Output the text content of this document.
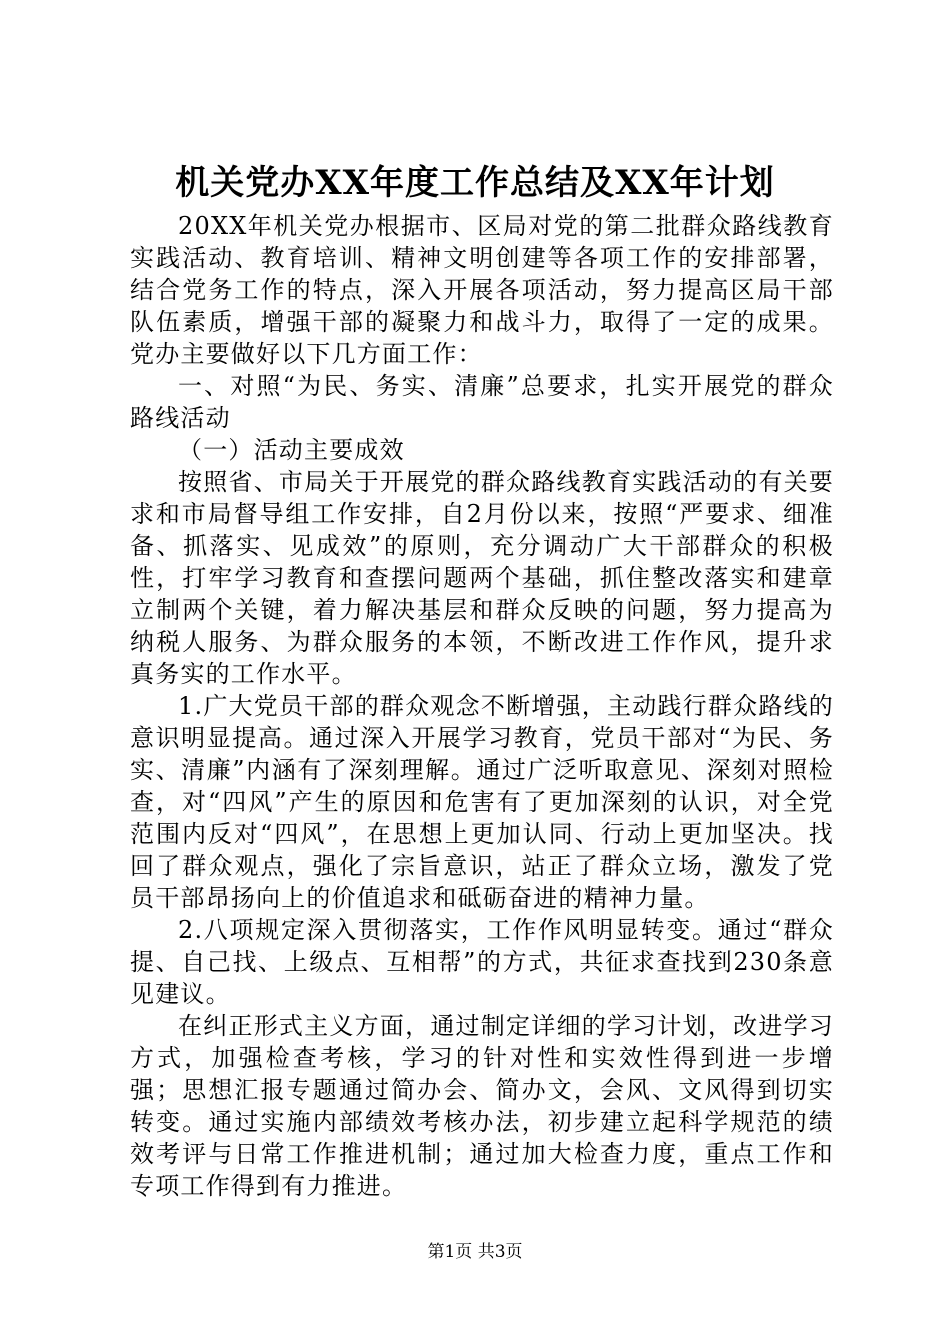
机关党办XX年度工作总结及XX年计划

20XX年机关党办根据市、区局对党的第二批群众路线教育实践活动、教育培训、精神文明创建等各项工作的安排部署，结合党务工作的特点，深入开展各项活动，努力提高区局干部队伍素质，增强干部的凝聚力和战斗力，取得了一定的成果。党办主要做好以下几方面工作：

一、对照“为民、务实、清廉”总要求，扎实开展党的群众路线活动

（一）活动主要成效

按照省、市局关于开展党的群众路线教育实践活动的有关要求和市局督导组工作安排，自2月份以来，按照“严要求、细准备、抓落实、见成效”的原则，充分调动广大干部群众的积极性，打牢学习教育和查摆问题两个基础，抓住整改落实和建章立制两个关键，着力解决基层和群众反映的问题，努力提高为纳税人服务、为群众服务的本领，不断改进工作作风，提升求真务实的工作水平。

1.广大党员干部的群众观念不断增强，主动践行群众路线的意识明显提高。通过深入开展学习教育，党员干部对“为民、务实、清廉”内涵有了深刻理解。通过广泛听取意见、深刻对照检查，对“四风”产生的原因和危害有了更加深刻的认识，对全党范围内反对“四风”，在思想上更加认同、行动上更加坚决。找回了群众观点，强化了宗旨意识，站正了群众立场，激发了党员干部昂扬向上的价值追求和砥砺奋进的精神力量。

2.八项规定深入贯彻落实，工作作风明显转变。通过“群众提、自己找、上级点、互相帮”的方式，共征求查找到230条意见建议。

在纠正形式主义方面，通过制定详细的学习计划，改进学习方式，加强检查考核，学习的针对性和实效性得到进一步增强；思想汇报专题通过简办会、简办文，会风、文风得到切实转变。通过实施内部绩效考核办法，初步建立起科学规范的绩效考评与日常工作推进机制；通过加大检查力度，重点工作和专项工作得到有力推进。

第1页 共3页
